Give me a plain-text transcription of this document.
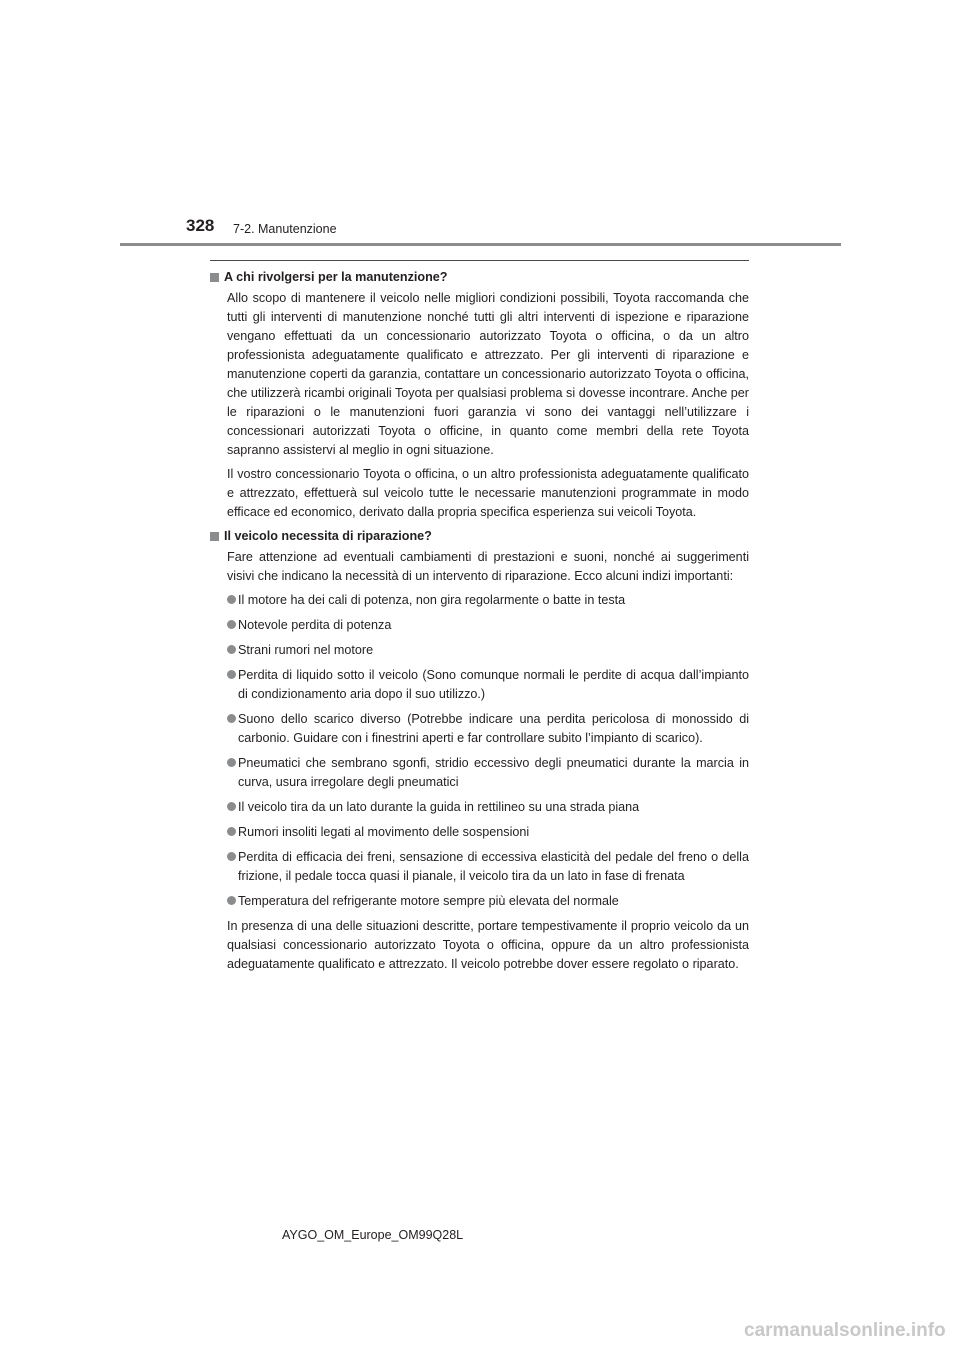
328 7-2. Manutenzione
A chi rivolgersi per la manutenzione?

Allo scopo di mantenere il veicolo nelle migliori condizioni possibili, Toyota raccomanda che tutti gli interventi di manutenzione nonché tutti gli altri interventi di ispezione e riparazione vengano effettuati da un concessionario autorizzato Toyota o officina, o da un altro professionista adeguatamente qualificato e attrezzato. Per gli interventi di riparazione e manutenzione coperti da garanzia, contattare un concessionario autorizzato Toyota o officina, che utilizzerà ricambi originali Toyota per qualsiasi problema si dovesse incontrare. Anche per le riparazioni o le manutenzioni fuori garanzia vi sono dei vantaggi nell’utilizzare i concessionari autorizzati Toyota o officine, in quanto come membri della rete Toyota sapranno assistervi al meglio in ogni situazione.

Il vostro concessionario Toyota o officina, o un altro professionista adeguatamente qualificato e attrezzato, effettuerà sul veicolo tutte le necessarie manutenzioni programmate in modo efficace ed economico, derivato dalla propria specifica esperienza sui veicoli Toyota.

Il veicolo necessita di riparazione?

Fare attenzione ad eventuali cambiamenti di prestazioni e suoni, nonché ai suggerimenti visivi che indicano la necessità di un intervento di riparazione. Ecco alcuni indizi importanti:

Il motore ha dei cali di potenza, non gira regolarmente o batte in testa
Notevole perdita di potenza
Strani rumori nel motore
Perdita di liquido sotto il veicolo (Sono comunque normali le perdite di acqua dall’impianto di condizionamento aria dopo il suo utilizzo.)
Suono dello scarico diverso (Potrebbe indicare una perdita pericolosa di monossido di carbonio. Guidare con i finestrini aperti e far controllare subito l’impianto di scarico).
Pneumatici che sembrano sgonfi, stridio eccessivo degli pneumatici durante la marcia in curva, usura irregolare degli pneumatici
Il veicolo tira da un lato durante la guida in rettilineo su una strada piana
Rumori insoliti legati al movimento delle sospensioni
Perdita di efficacia dei freni, sensazione di eccessiva elasticità del pedale del freno o della frizione, il pedale tocca quasi il pianale, il veicolo tira da un lato in fase di frenata
Temperatura del refrigerante motore sempre più elevata del normale

In presenza di una delle situazioni descritte, portare tempestivamente il proprio veicolo da un qualsiasi concessionario autorizzato Toyota o officina, oppure da un altro professionista adeguatamente qualificato e attrezzato. Il veicolo potrebbe dover essere regolato o riparato.

AYGO_OM_Europe_OM99Q28L
carmanualsonline.info
